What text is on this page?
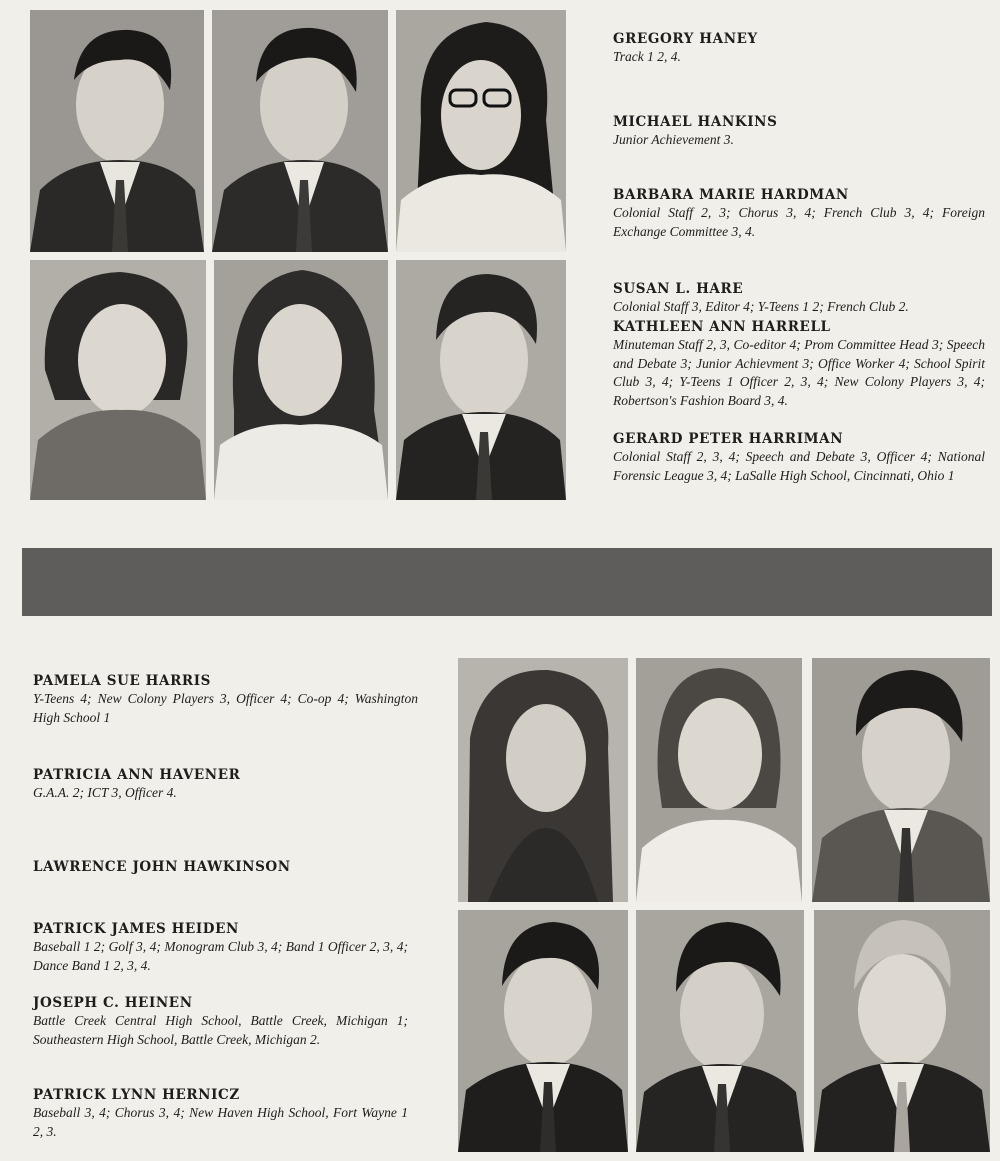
GREGORY HANEY

Track 1 2, 4.

MICHAEL HANKINS

Junior Achievement 3.

BARBARA MARIE HARDMAN

Colonial Staff 2, 3; Chorus 3, 4; French Club 3, 4; Foreign Exchange Committee 3, 4.

SUSAN L. HARE

Colonial Staff 3, Editor 4; Y-Teens 1 2; French Club 2.

KATHLEEN ANN HARRELL

Minuteman Staff 2, 3, Co-editor 4; Prom Committee Head 3; Speech and Debate 3; Junior Achievment 3; Office Worker 4; School Spirit Club 3, 4; Y-Teens 1 Officer 2, 3, 4; New Colony Players 3, 4; Robertson's Fashion Board 3, 4.

GERARD PETER HARRIMAN

Colonial Staff 2, 3, 4; Speech and Debate 3, Officer 4; National Forensic League 3, 4; LaSalle High School, Cincinnati, Ohio 1

PAMELA SUE HARRIS

Y-Teens 4; New Colony Players 3, Officer 4; Co-op 4; Washington High School 1

PATRICIA ANN HAVENER

G.A.A. 2; ICT 3, Officer 4.

LAWRENCE JOHN HAWKINSON

PATRICK JAMES HEIDEN

Baseball 1 2; Golf 3, 4; Monogram Club 3, 4; Band 1 Officer 2, 3, 4; Dance Band 1 2, 3, 4.

JOSEPH C. HEINEN

Battle Creek Central High School, Battle Creek, Michigan 1; Southeastern High School, Battle Creek, Michigan 2.

PATRICK LYNN HERNICZ

Baseball 3, 4; Chorus 3, 4; New Haven High School, Fort Wayne 1 2, 3.
